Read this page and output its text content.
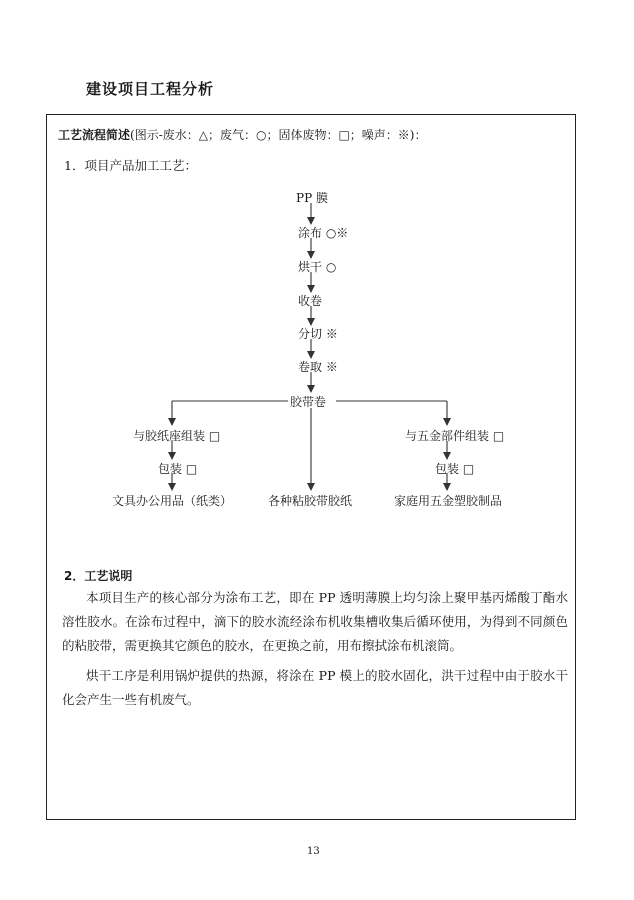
建设项目工程分析
工艺流程简述(图示-废水：△；废气：○；固体废物：□；噪声：※)：
1．项目产品加工工艺：
PP 膜
涂布 ○※
烘干 ○
收卷
分切 ※
卷取 ※
胶带卷
与胶纸座组装 □
包装 □
文具办公用品（纸类）	各种粘胶带胶纸
与五金部件组装 □
包装 □
家庭用五金塑胶制品
2．工艺说明
本项目生产的核心部分为涂布工艺，即在 PP 透明薄膜上均匀涂上聚甲基丙烯酸丁酯水溶性胶水。在涂布过程中，滴下的胶水流经涂布机收集槽收集后循环使用，为得到不同颜色的粘胶带，需更换其它颜色的胶水，在更换之前，用布擦拭涂布机滚筒。
烘干工序是利用锅炉提供的热源，将涂在 PP 模上的胶水固化，洪干过程中由于胶水干化会产生一些有机废气。
13
